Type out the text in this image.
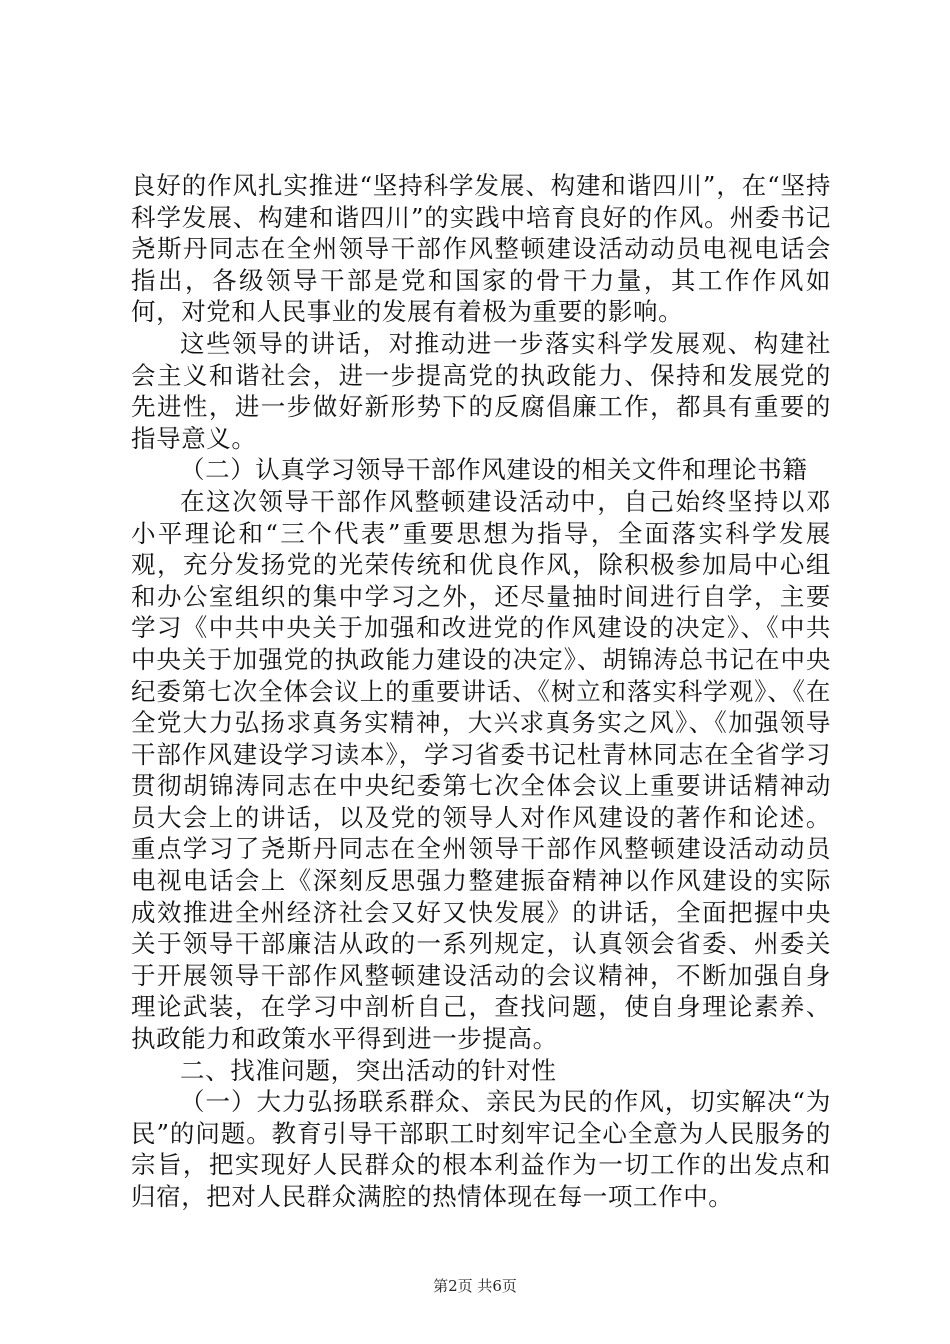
良好的作风扎实推进“坚持科学发展、构建和谐四川”，在“坚持科学发展、构建和谐四川”的实践中培育良好的作风。州委书记尧斯丹同志在全州领导干部作风整顿建设活动动员电视电话会指出，各级领导干部是党和国家的骨干力量，其工作作风如何，对党和人民事业的发展有着极为重要的影响。

这些领导的讲话，对推动进一步落实科学发展观、构建社会主义和谐社会，进一步提高党的执政能力、保持和发展党的先进性，进一步做好新形势下的反腐倡廉工作，都具有重要的指导意义。

（二）认真学习领导干部作风建设的相关文件和理论书籍

在这次领导干部作风整顿建设活动中，自己始终坚持以邓小平理论和“三个代表”重要思想为指导，全面落实科学发展观，充分发扬党的光荣传统和优良作风，除积极参加局中心组和办公室组织的集中学习之外，还尽量抽时间进行自学，主要学习《中共中央关于加强和改进党的作风建设的决定》、《中共中央关于加强党的执政能力建设的决定》、胡锦涛总书记在中央纪委第七次全体会议上的重要讲话、《树立和落实科学观》、《在全党大力弘扬求真务实精神，大兴求真务实之风》、《加强领导干部作风建设学习读本》，学习省委书记杜青林同志在全省学习贯彻胡锦涛同志在中央纪委第七次全体会议上重要讲话精神动员大会上的讲话，以及党的领导人对作风建设的著作和论述。重点学习了尧斯丹同志在全州领导干部作风整顿建设活动动员电视电话会上《深刻反思强力整建振奋精神以作风建设的实际成效推进全州经济社会又好又快发展》的讲话，全面把握中央关于领导干部廉洁从政的一系列规定，认真领会省委、州委关于开展领导干部作风整顿建设活动的会议精神，不断加强自身理论武装，在学习中剖析自己，查找问题，使自身理论素养、执政能力和政策水平得到进一步提高。

二、找准问题，突出活动的针对性

（一）大力弘扬联系群众、亲民为民的作风，切实解决“为民”的问题。教育引导干部职工时刻牢记全心全意为人民服务的宗旨，把实现好人民群众的根本利益作为一切工作的出发点和归宿，把对人民群众满腔的热情体现在每一项工作中。

第2页 共6页
